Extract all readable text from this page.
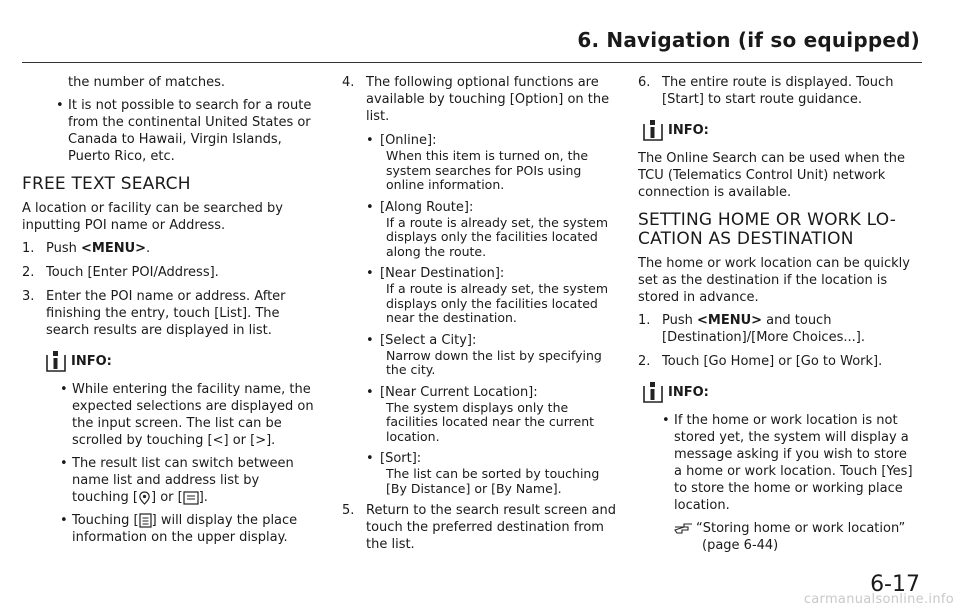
6. Navigation (if so equipped)

the number of matches.

• It is not possible to search for a route from the continental United States or Canada to Hawaii, Virgin Islands, Puerto Rico, etc.
FREE TEXT SEARCH

A location or facility can be searched by inputting POI name or Address.

1. Push <MENU>.
2. Touch [Enter POI/Address].
3. Enter the POI name or address. After finishing the entry, touch [List]. The search results are displayed in list.
INFO:
• While entering the facility name, the expected selections are displayed on the input screen. The list can be scrolled by touching [<] or [>].
• The result list can switch between name list and address list by touching [ ] or [ ].
• Touching [ ] will display the place information on the upper display.
4. The following optional functions are available by touching [Option] on the list.
• [Online]:
When this item is turned on, the system searches for POIs using online information.
• [Along Route]:
If a route is already set, the system displays only the facilities located along the route.
• [Near Destination]:
If a route is already set, the system displays only the facilities located near the destination.
• [Select a City]:
Narrow down the list by specifying the city.
• [Near Current Location]:
The system displays only the facilities located near the current location.
• [Sort]:
The list can be sorted by touching [By Distance] or [By Name].
5. Return to the search result screen and touch the preferred destination from the list.
6. The entire route is displayed. Touch [Start] to start route guidance.
INFO:

The Online Search can be used when the TCU (Telematics Control Unit) network connection is available.

SETTING HOME OR WORK LO-CATION AS DESTINATION

The home or work location can be quickly set as the destination if the location is stored in advance.

1. Push <MENU> and touch [Destination]/[More Choices...].
2. Touch [Go Home] or [Go to Work].
INFO:
• If the home or work location is not stored yet, the system will display a message asking if you wish to store a home or work location. Touch [Yes] to store the home or working place location.
“Storing home or work location”
(page 6-44)
6-17
carmanualsonline.info
